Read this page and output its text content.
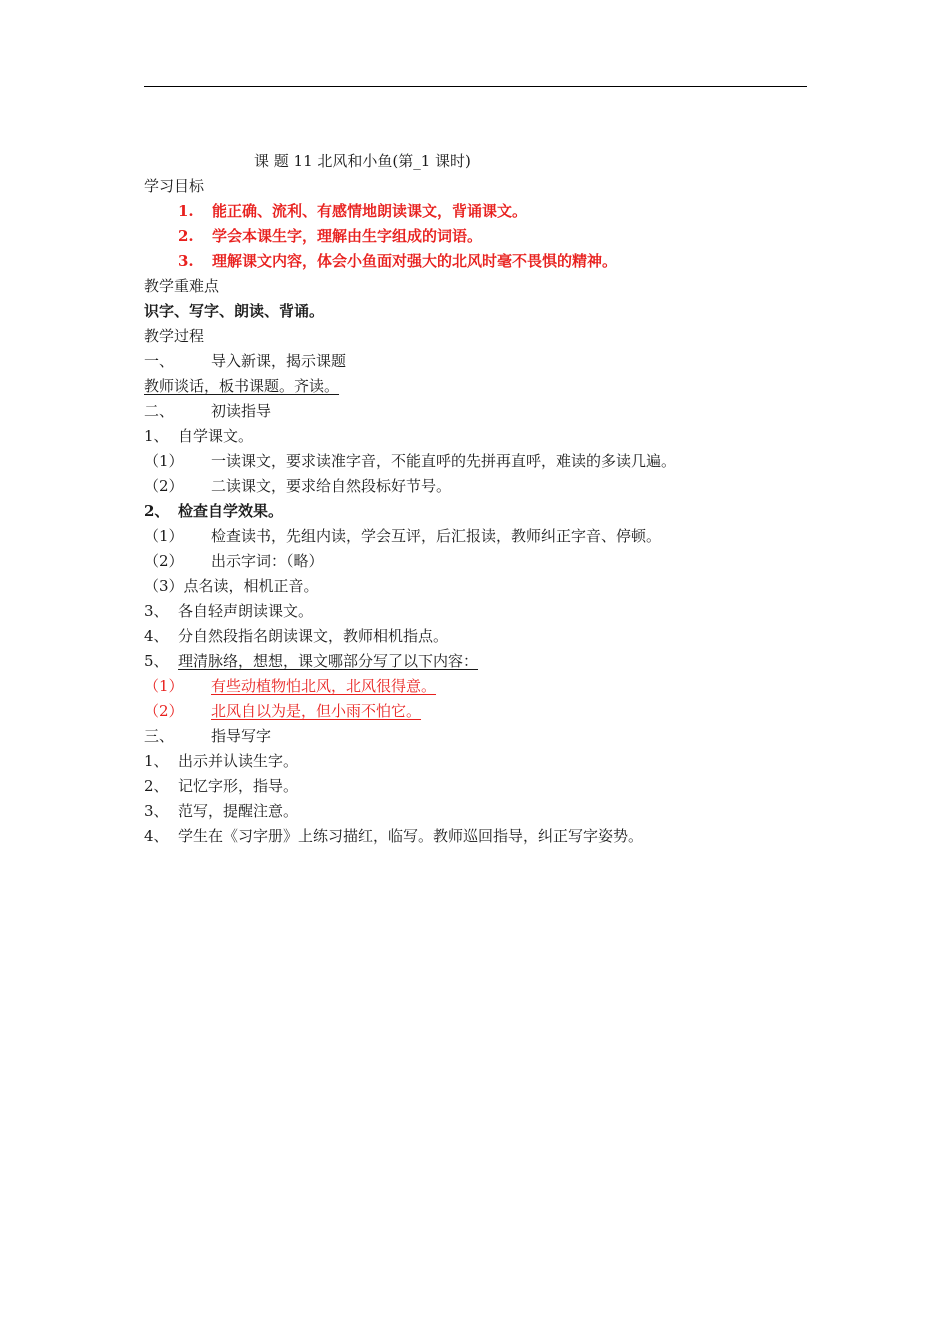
课 题 11 北风和小鱼(第_1 课时)
学习目标
1. 能正确、流利、有感情地朗读课文，背诵课文。
2. 学会本课生字，理解由生字组成的词语。
3. 理解课文内容，体会小鱼面对强大的北风时毫不畏惧的精神。
教学重难点
识字、写字、朗读、背诵。
教学过程
一、 导入新课，揭示课题
教师谈话，板书课题。齐读。
二、 初读指导
1、 自学课文。
（1） 一读课文，要求读准字音，不能直呼的先拼再直呼，难读的多读几遍。
（2） 二读课文，要求给自然段标好节号。
2、 检查自学效果。
（1） 检查读书，先组内读，学会互评，后汇报读，教师纠正字音、停顿。
（2） 出示字词：（略）
（3）点名读，相机正音。
3、 各自轻声朗读课文。
4、 分自然段指名朗读课文，教师相机指点。
5、 理清脉络，想想，课文哪部分写了以下内容：
（1） 有些动植物怕北风，北风很得意。
（2） 北风自以为是，但小雨不怕它。
三、 指导写字
1、 出示并认读生字。
2、 记忆字形，指导。
3、 范写，提醒注意。
4、 学生在《习字册》上练习描红，临写。教师巡回指导，纠正写字姿势。
